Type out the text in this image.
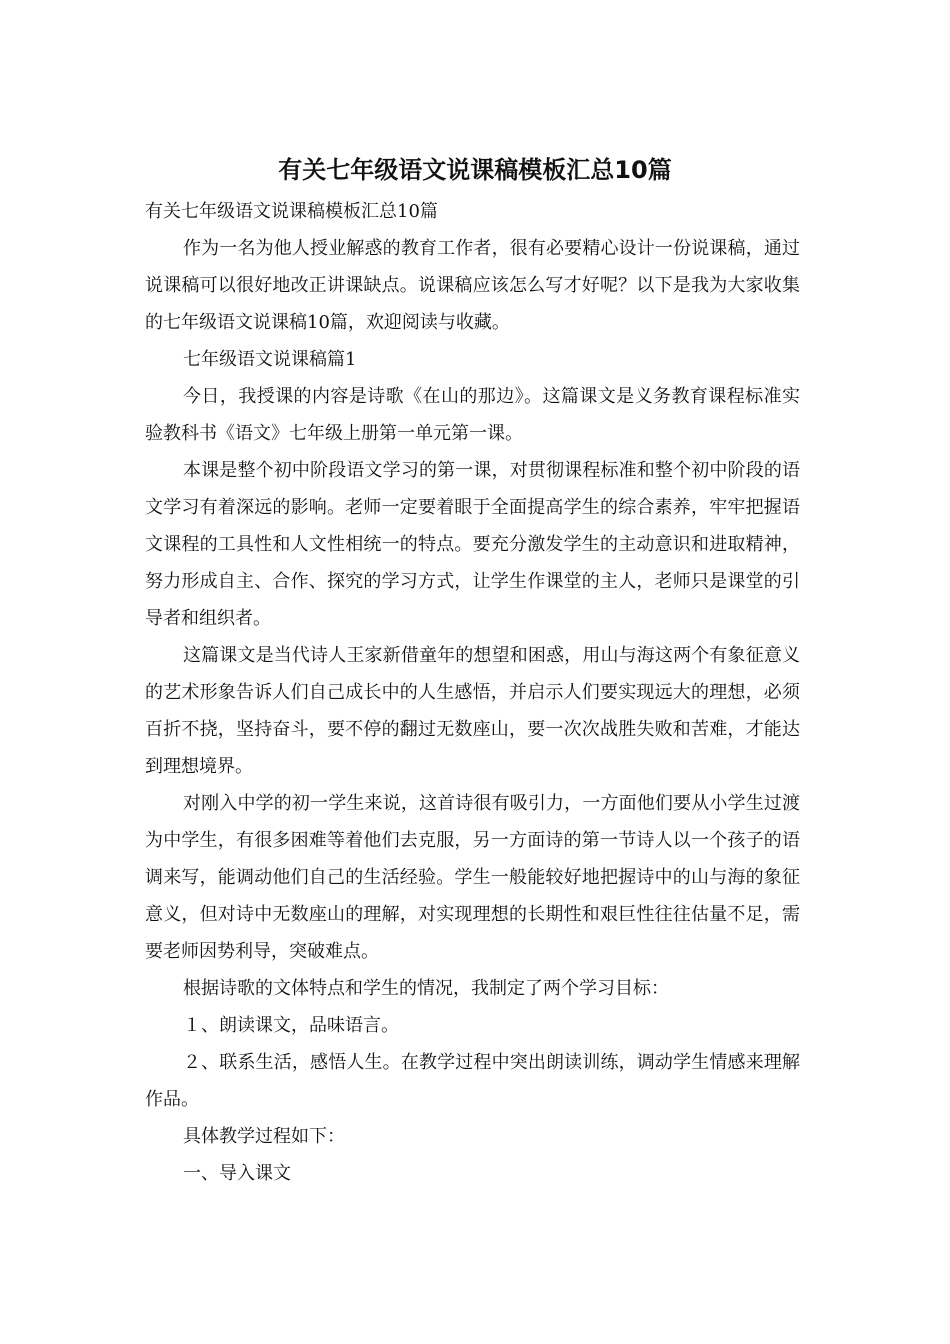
有关七年级语文说课稿模板汇总10篇

有关七年级语文说课稿模板汇总10篇

作为一名为他人授业解惑的教育工作者，很有必要精心设计一份说课稿，通过说课稿可以很好地改正讲课缺点。说课稿应该怎么写才好呢？以下是我为大家收集的七年级语文说课稿10篇，欢迎阅读与收藏。

七年级语文说课稿篇1

今日，我授课的内容是诗歌《在山的那边》。这篇课文是义务教育课程标准实验教科书《语文》七年级上册第一单元第一课。

本课是整个初中阶段语文学习的第一课，对贯彻课程标准和整个初中阶段的语文学习有着深远的影响。老师一定要着眼于全面提高学生的综合素养，牢牢把握语文课程的工具性和人文性相统一的特点。要充分激发学生的主动意识和进取精神，努力形成自主、合作、探究的学习方式，让学生作课堂的主人，老师只是课堂的引导者和组织者。

这篇课文是当代诗人王家新借童年的想望和困惑，用山与海这两个有象征意义的艺术形象告诉人们自己成长中的人生感悟，并启示人们要实现远大的理想，必须百折不挠，坚持奋斗，要不停的翻过无数座山，要一次次战胜失败和苦难，才能达到理想境界。

对刚入中学的初一学生来说，这首诗很有吸引力，一方面他们要从小学生过渡为中学生，有很多困难等着他们去克服，另一方面诗的第一节诗人以一个孩子的语调来写，能调动他们自己的生活经验。学生一般能较好地把握诗中的山与海的象征意义，但对诗中无数座山的理解，对实现理想的长期性和艰巨性往往估量不足，需要老师因势利导，突破难点。

根据诗歌的文体特点和学生的情况，我制定了两个学习目标：

１、朗读课文，品味语言。

２、联系生活，感悟人生。在教学过程中突出朗读训练，调动学生情感来理解作品。

具体教学过程如下：

一、导入课文
